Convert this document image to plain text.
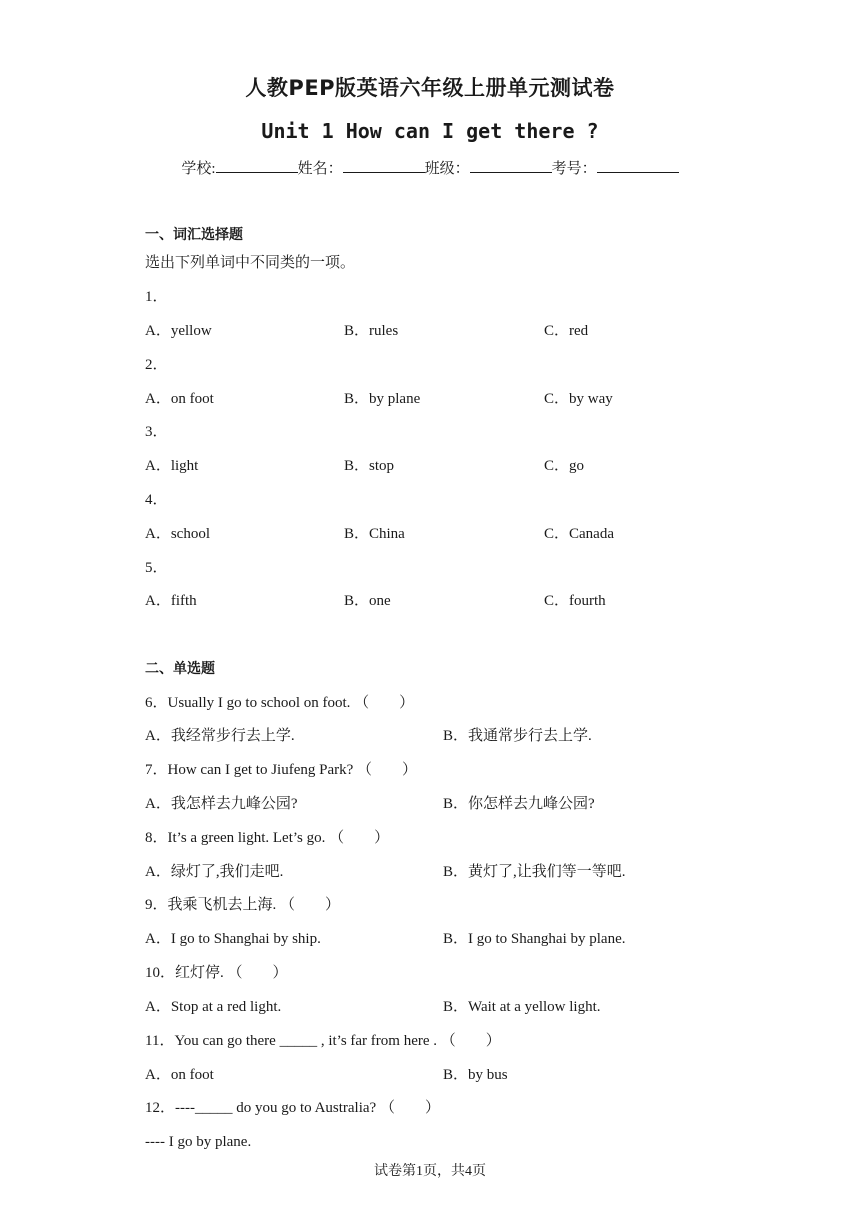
人教PEP版英语六年级上册单元测试卷
Unit 1 How can I get there ?
学校:	姓名：	班级：	考号：
一、词汇选择题
选出下列单词中不同类的一项。
1．
A．yellow	B．rules	C．red
2．
A．on foot	B．by plane	C．by way
3．
A．light	B．stop	C．go
4．
A．school	B．China	C．Canada
5．
A．fifth	B．one	C．fourth
二、单选题
6．Usually I go to school on foot. （　　）
A．我经常步行去上学.	B．我通常步行去上学.
7．How can I get to Jiufeng Park? （　　）
A．我怎样去九峰公园?	B．你怎样去九峰公园?
8．It’s a green light. Let’s go. （　　）
A．绿灯了,我们走吧.	B．黄灯了,让我们等一等吧.
9．我乘飞机去上海. （　　）
A．I go to Shanghai by ship.	B．I go to Shanghai by plane.
10．红灯停. （　　）
A．Stop at a red light.	B．Wait at a yellow light.
11．You can go there _____ , it’s far from here . （　　）
A．on foot	B．by bus
12．----_____ do you go to Australia? （　　）
---- I go by plane.
试卷第1页，共4页
